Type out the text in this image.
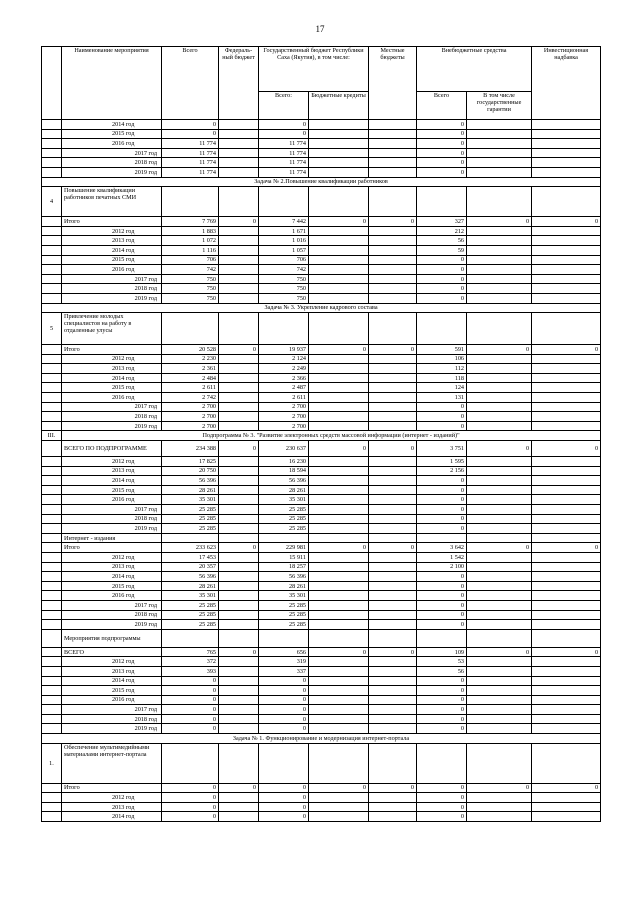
17
	Наименование мероприятия	Всего	Федераль-ный бюджет	Государственный бюджет Республики Саха (Якутия), в том числе:		Местные бюджеты	Внебюджетные средства		Инвестиционная надбавка
				Всего:	Бюджетные кредиты		Всего	В том числе государственные гарантии	
	2014 год	0		0			0		
	2015 год	0		0			0		
	2016 год	11 774		11 774			0		
	2017 год	11 774		11 774			0		
	2018 год	11 774		11 774			0		
	2019 год	11 774		11 774			0		
Задача № 2.Повышение квалификации работников									
4	Повышение квалификации работников печатных СМИ								
	Итого	7 769	0	7 442	0	0	327	0	0
	2012 год	1 883		1 671			212		
	2013 год	1 072		1 016			56		
	2014 год	1 116		1 057			59		
	2015 год	706		706			0		
	2016 год	742		742			0		
	2017 год	750		750			0		
	2018 год	750		750			0		
	2019 год	750		750			0		
Задача № 3. Укрепление кадрового состава									
5	Привлечение молодых специалистов на работу в отдаленные улусы								
	Итого	20 528	0	19 937	0	0	591	0	0
	2012 год	2 230		2 124			106		
	2013 год	2 361		2 249			112		
	2014 год	2 484		2 366			118		
	2015 год	2 611		2 487			124		
	2016 год	2 742		2 611			131		
	2017 год	2 700		2 700			0		
	2018 год	2 700		2 700			0		
	2019 год	2 700		2 700			0		
III.	Подпрограмма № 3. "Развитие электронных средств массовой информации (интернет - изданий)"								
	ВСЕГО ПО ПОДПРОГРАММЕ	234 388	0	230 637	0	0	3 751	0	0
	2012 год	17 825		16 230			1 595		
	2013 год	20 750		18 594			2 156		
	2014 год	56 396		56 396			0		
	2015 год	28 261		28 261			0		
	2016 год	35 301		35 301			0		
	2017 год	25 285		25 285			0		
	2018 год	25 285		25 285			0		
	2019 год	25 285		25 285			0		
	Интернет - издания								
	Итого	233 623	0	229 981	0	0	3 642	0	0
	2012 год	17 453		15 911			1 542		
	2013 год	20 357		18 257			2 100		
	2014 год	56 396		56 396			0		
	2015 год	28 261		28 261			0		
	2016 год	35 301		35 301			0		
	2017 год	25 285		25 285			0		
	2018 год	25 285		25 285			0		
	2019 год	25 285		25 285			0		
	Мероприятия подпрограммы								
	ВСЕГО	765	0	656	0	0	109	0	0
	2012 год	372		319			53		
	2013 год	393		337			56		
	2014 год	0		0			0		
	2015 год	0		0			0		
	2016 год	0		0			0		
	2017 год	0		0			0		
	2018 год	0		0			0		
	2019 год	0		0			0		
Задача № 1. Функционирование и модернизация интернет-портала									
1.	Обеспечение мультимедийными материалами интернет-портала								
	Итого	0	0	0	0	0	0	0	0
	2012 год	0		0			0		
	2013 год	0		0			0		
	2014 год	0		0			0		
